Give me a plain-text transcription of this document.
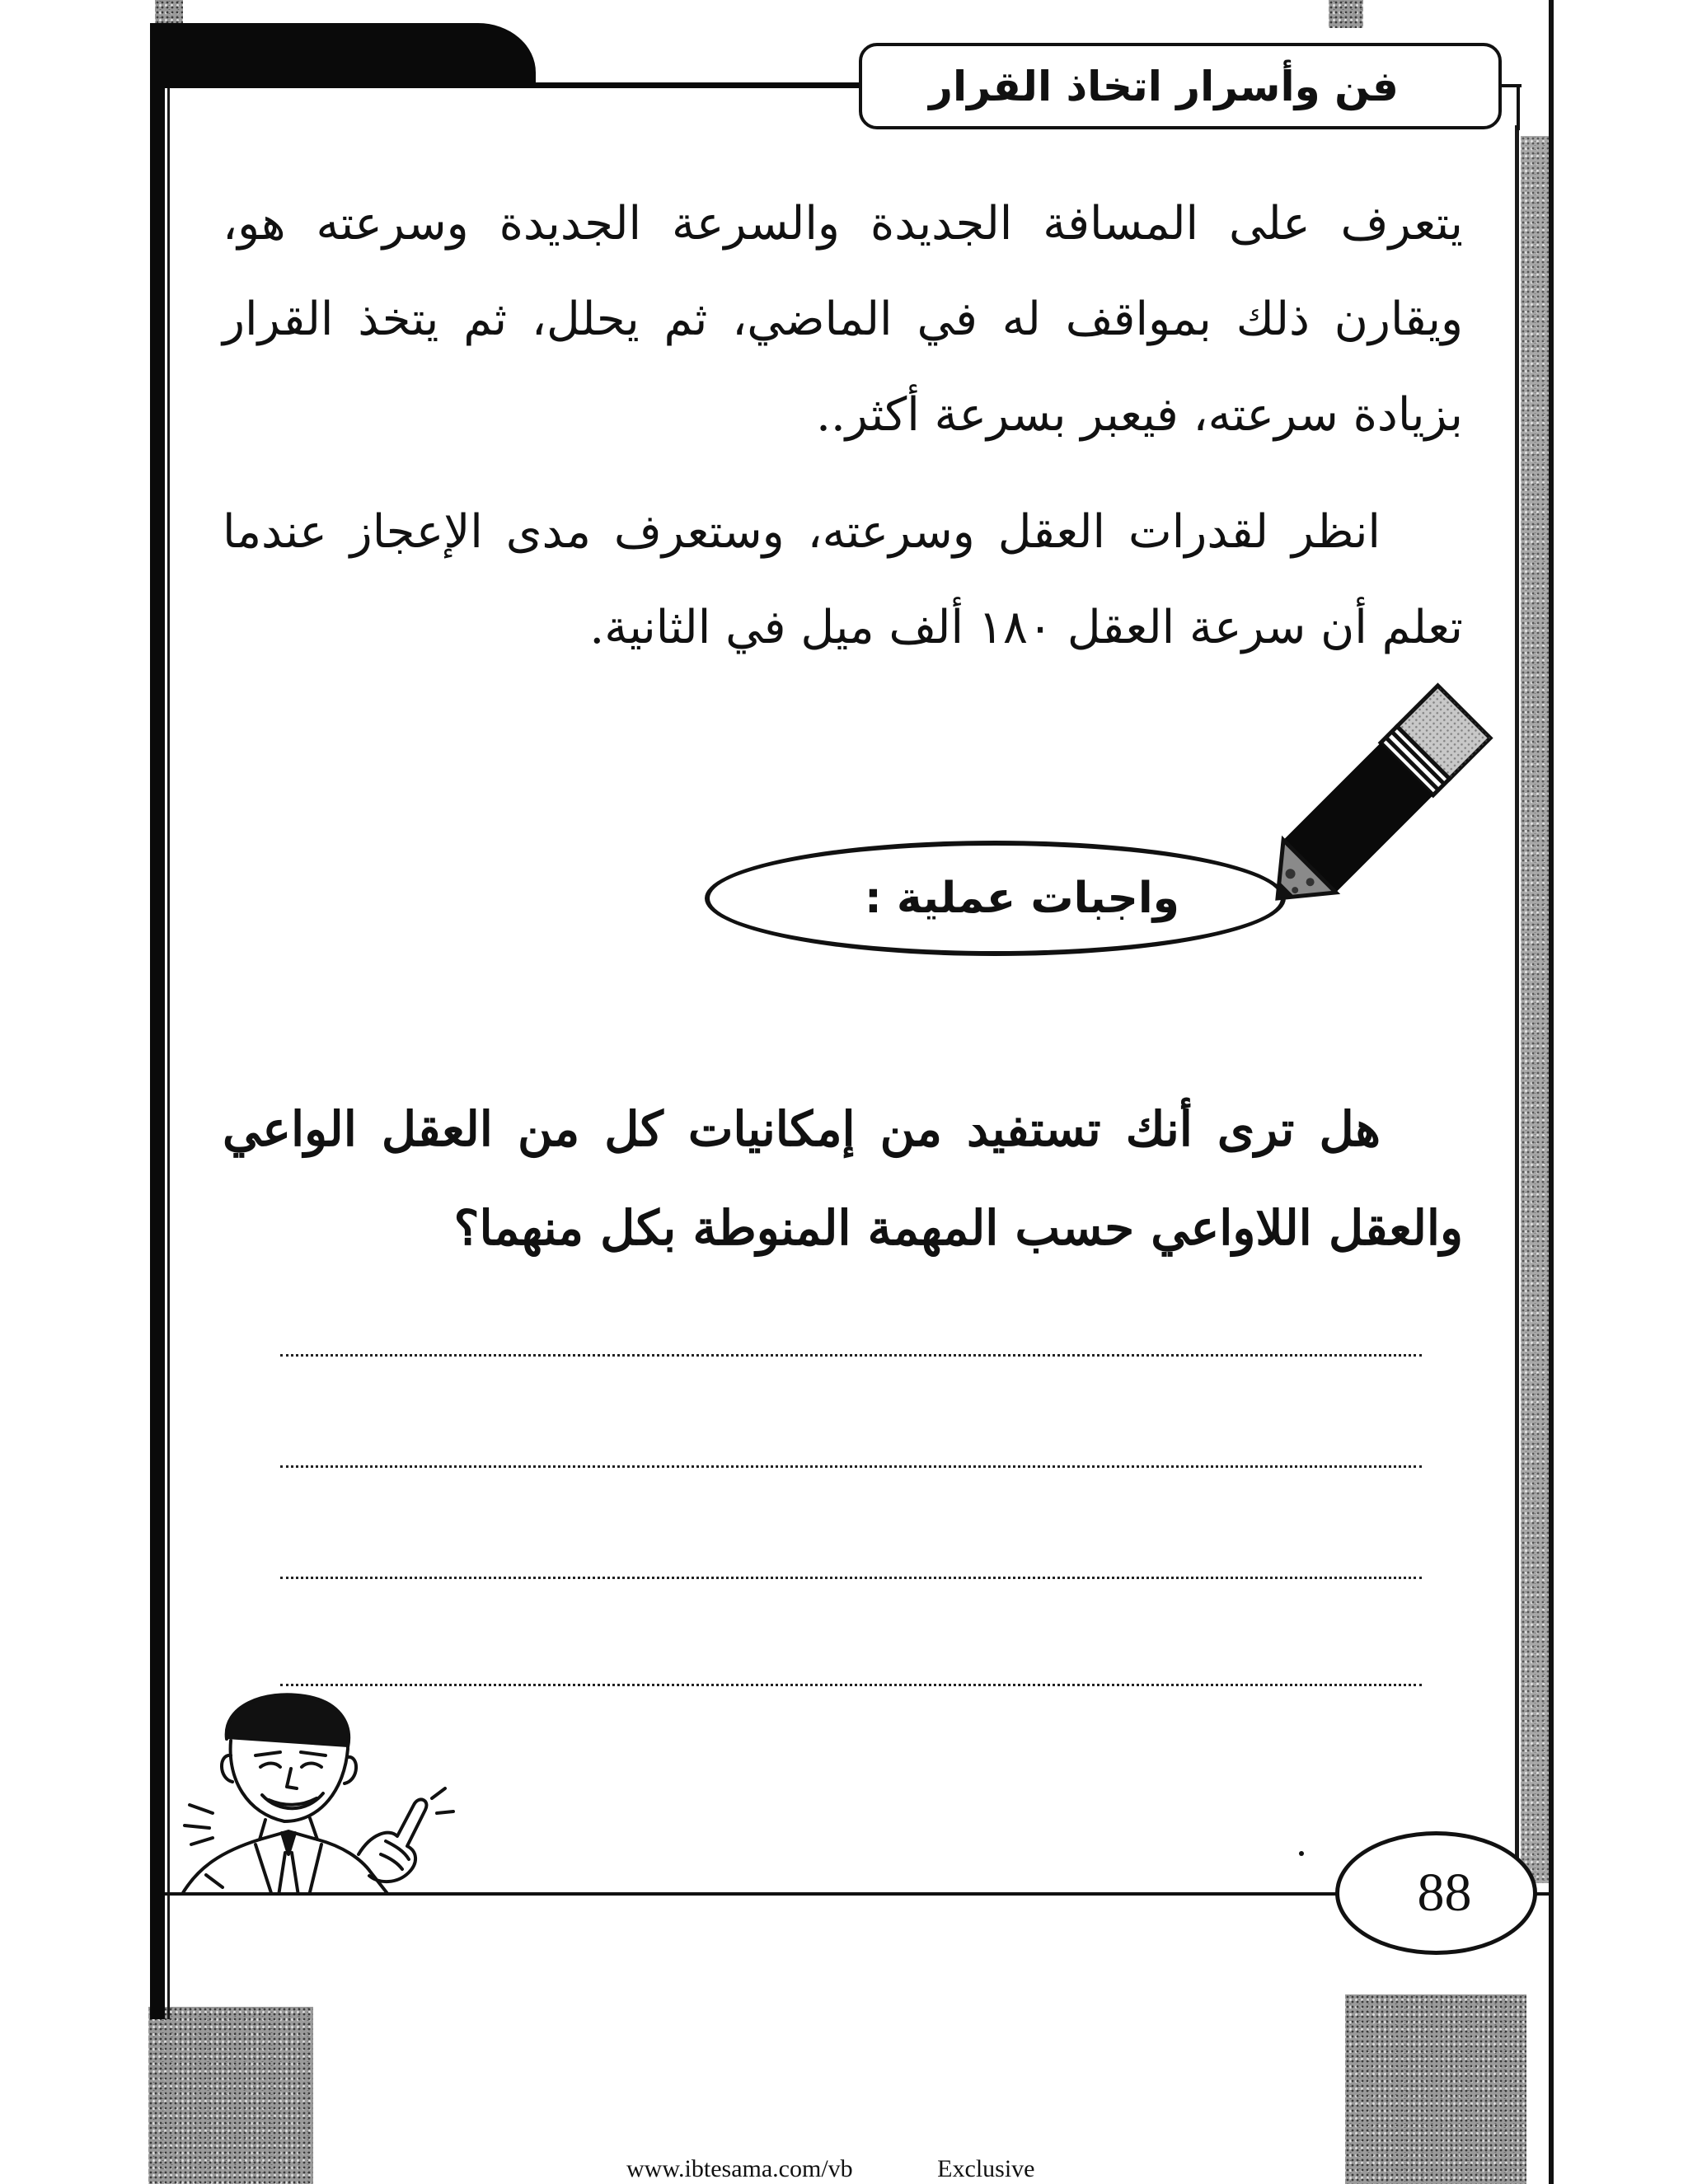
فن وأسرار اتخاذ القرار

يتعرف على المسافة الجديدة والسرعة الجديدة وسرعته هو، ويقارن ذلك بمواقف له في الماضي، ثم يحلل، ثم يتخذ القرار بزيادة سرعته، فيعبر بسرعة أكثر..

انظر لقدرات العقل وسرعته، وستعرف مدى الإعجاز عندما تعلم أن سرعة العقل ١٨٠ ألف ميل في الثانية.

واجبات عملية :

هل ترى أنك تستفيد من إمكانيات كل من العقل الواعي والعقل اللاواعي حسب المهمة المنوطة بكل منهما؟

88
www.ibtesama.com/vb	Exclusive
